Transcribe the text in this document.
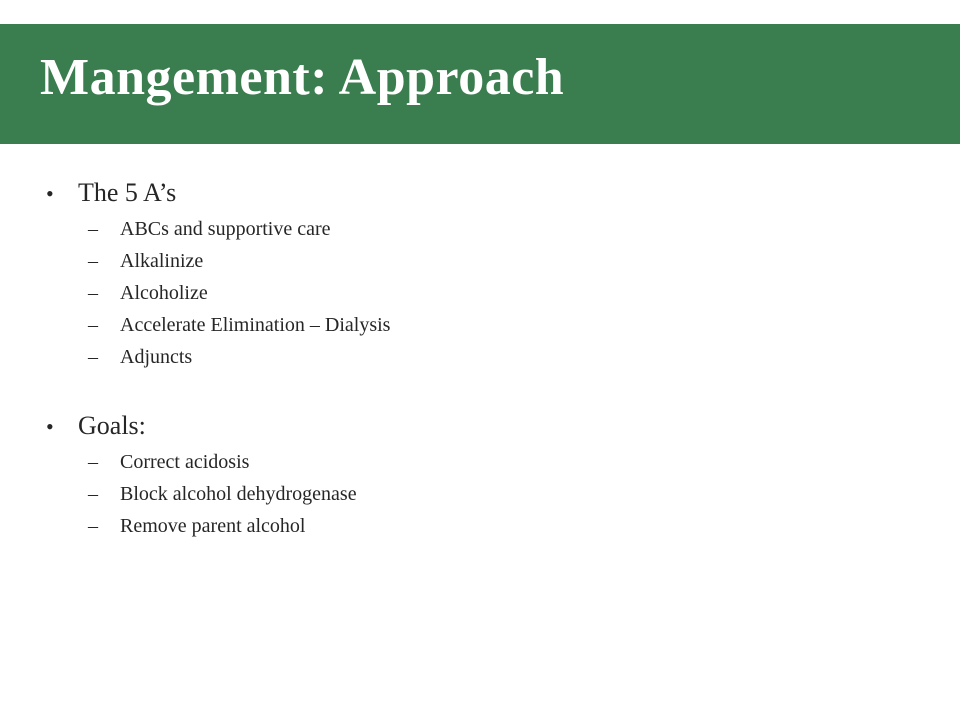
Mangement: Approach
• The 5 A’s
–	ABCs and supportive care
–	Alkalinize
–	Alcoholize
–	Accelerate Elimination – Dialysis
–	Adjuncts
• Goals:
–	Correct acidosis
–	Block alcohol dehydrogenase
–	Remove parent alcohol
